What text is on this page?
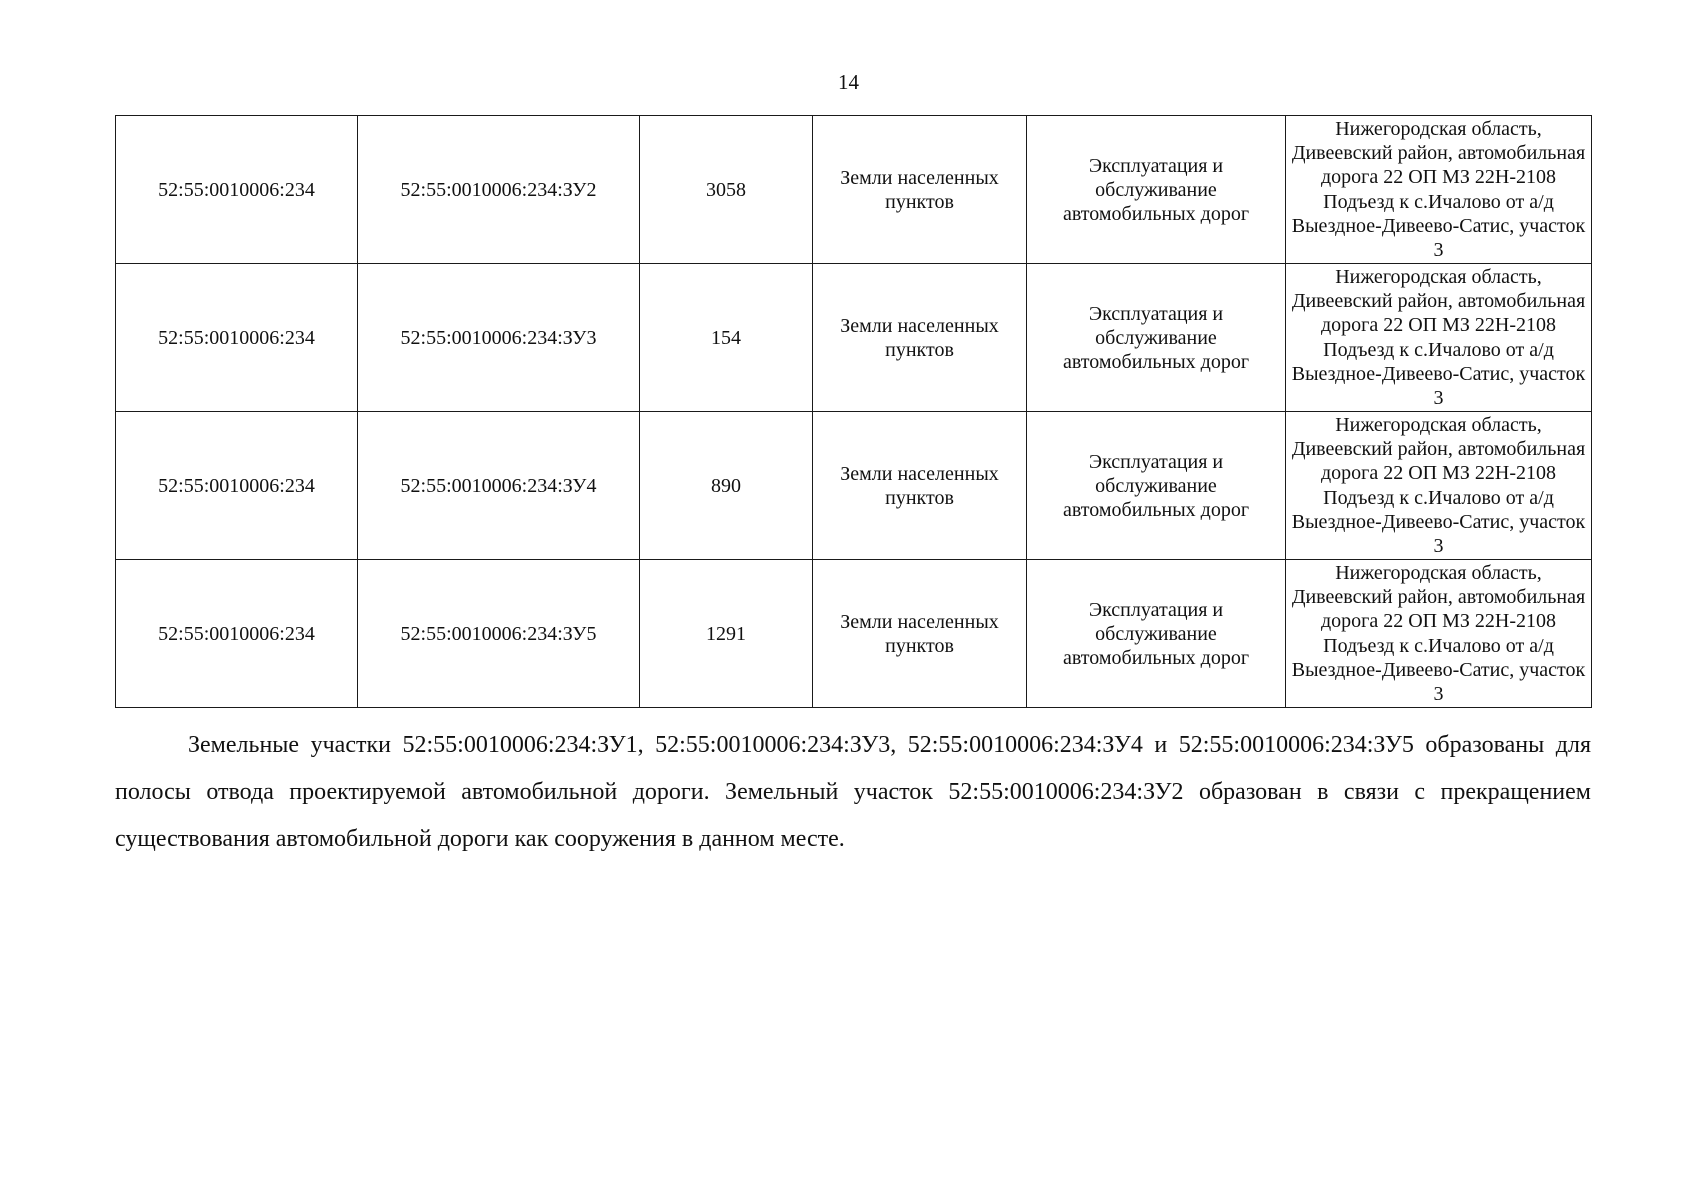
14
52:55:0010006:234	52:55:0010006:234:ЗУ2	3058	Земли населенных пунктов	Эксплуатация и обслуживание автомобильных дорог	Нижегородская область, Дивеевский район, автомобильная дорога 22 ОП МЗ 22Н-2108 Подъезд к с.Ичалово от а/д Выездное-Дивеево-Сатис, участок 3

52:55:0010006:234	52:55:0010006:234:ЗУ3	154	Земли населенных пунктов	Эксплуатация и обслуживание автомобильных дорог	Нижегородская область, Дивеевский район, автомобильная дорога 22 ОП МЗ 22Н-2108 Подъезд к с.Ичалово от а/д Выездное-Дивеево-Сатис, участок 3

52:55:0010006:234	52:55:0010006:234:ЗУ4	890	Земли населенных пунктов	Эксплуатация и обслуживание автомобильных дорог	Нижегородская область, Дивеевский район, автомобильная дорога 22 ОП МЗ 22Н-2108 Подъезд к с.Ичалово от а/д Выездное-Дивеево-Сатис, участок 3

52:55:0010006:234	52:55:0010006:234:ЗУ5	1291	Земли населенных пунктов	Эксплуатация и обслуживание автомобильных дорог	Нижегородская область, Дивеевский район, автомобильная дорога 22 ОП МЗ 22Н-2108 Подъезд к с.Ичалово от а/д Выездное-Дивеево-Сатис, участок 3

Земельные участки 52:55:0010006:234:ЗУ1, 52:55:0010006:234:ЗУ3, 52:55:0010006:234:ЗУ4 и 52:55:0010006:234:ЗУ5 образованы для полосы отвода проектируемой автомобильной дороги. Земельный участок 52:55:0010006:234:ЗУ2 образован в связи с прекращением существования автомобильной дороги как сооружения в данном месте.
